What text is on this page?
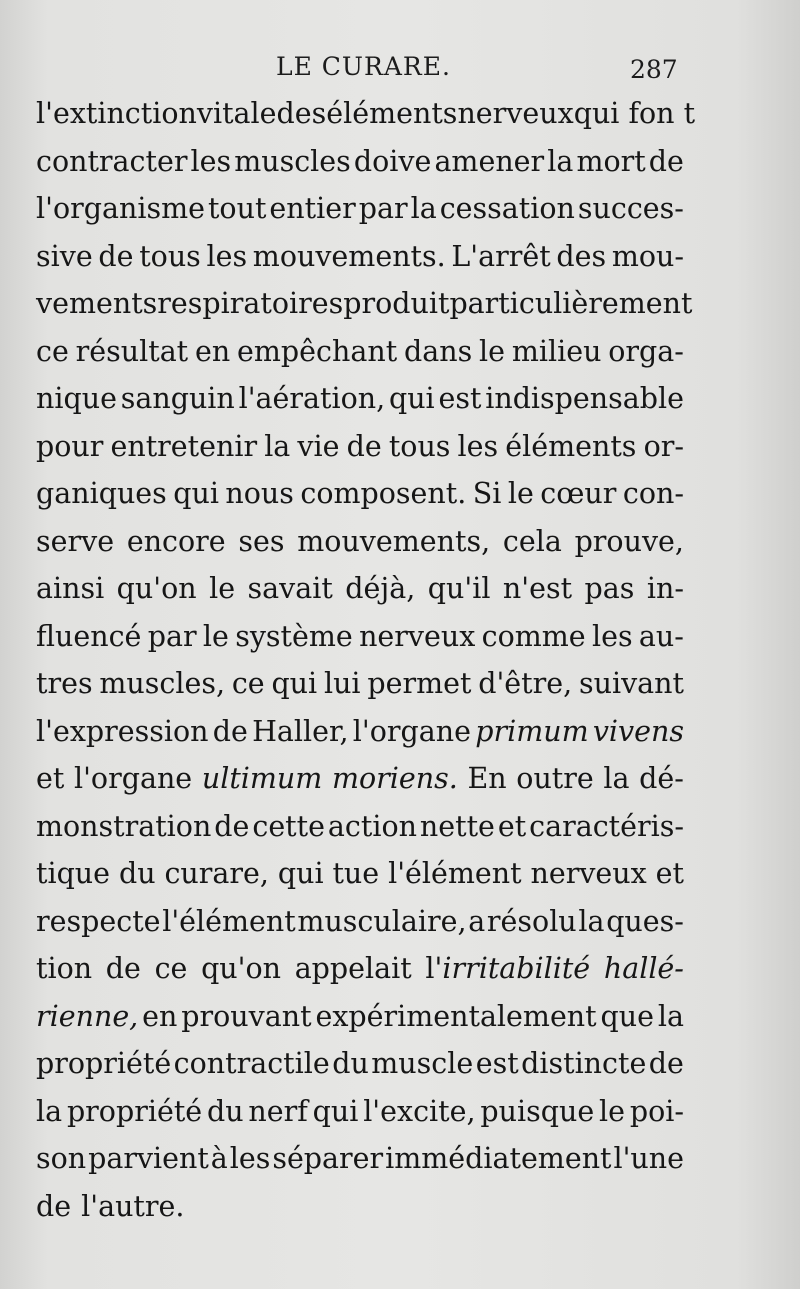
LE CURARE.	287
l'extinction vitale des éléments nerveux qui fon t
contracter les muscles doive amener la mort de
l'organisme tout entier par la cessation succes-
sive de tous les mouvements. L'arrêt des mou-
vements respiratoires produit particulièrement
ce résultat en empêchant dans le milieu orga-
nique sanguin l'aération, qui est indispensable
pour entretenir la vie de tous les éléments or-
ganiques qui nous composent. Si le cœur con-
serve encore ses mouvements, cela prouve,
ainsi qu'on le savait déjà, qu'il n'est pas in-
fluencé par le système nerveux comme les au-
tres muscles, ce qui lui permet d'être, suivant
l'expression de Haller, l'organe primum vivens
et l'organe ultimum moriens. En outre la dé-
monstration de cette action nette et caractéris-
tique du curare, qui tue l'élément nerveux et
respecte l'élément musculaire, a résolu la ques-
tion de ce qu'on appelait l'irritabilité hallé-
rienne, en prouvant expérimentalement que la
propriété contractile du muscle est distincte de
la propriété du nerf qui l'excite, puisque le poi-
son parvient à les séparer immédiatement l'une
de l'autre.
